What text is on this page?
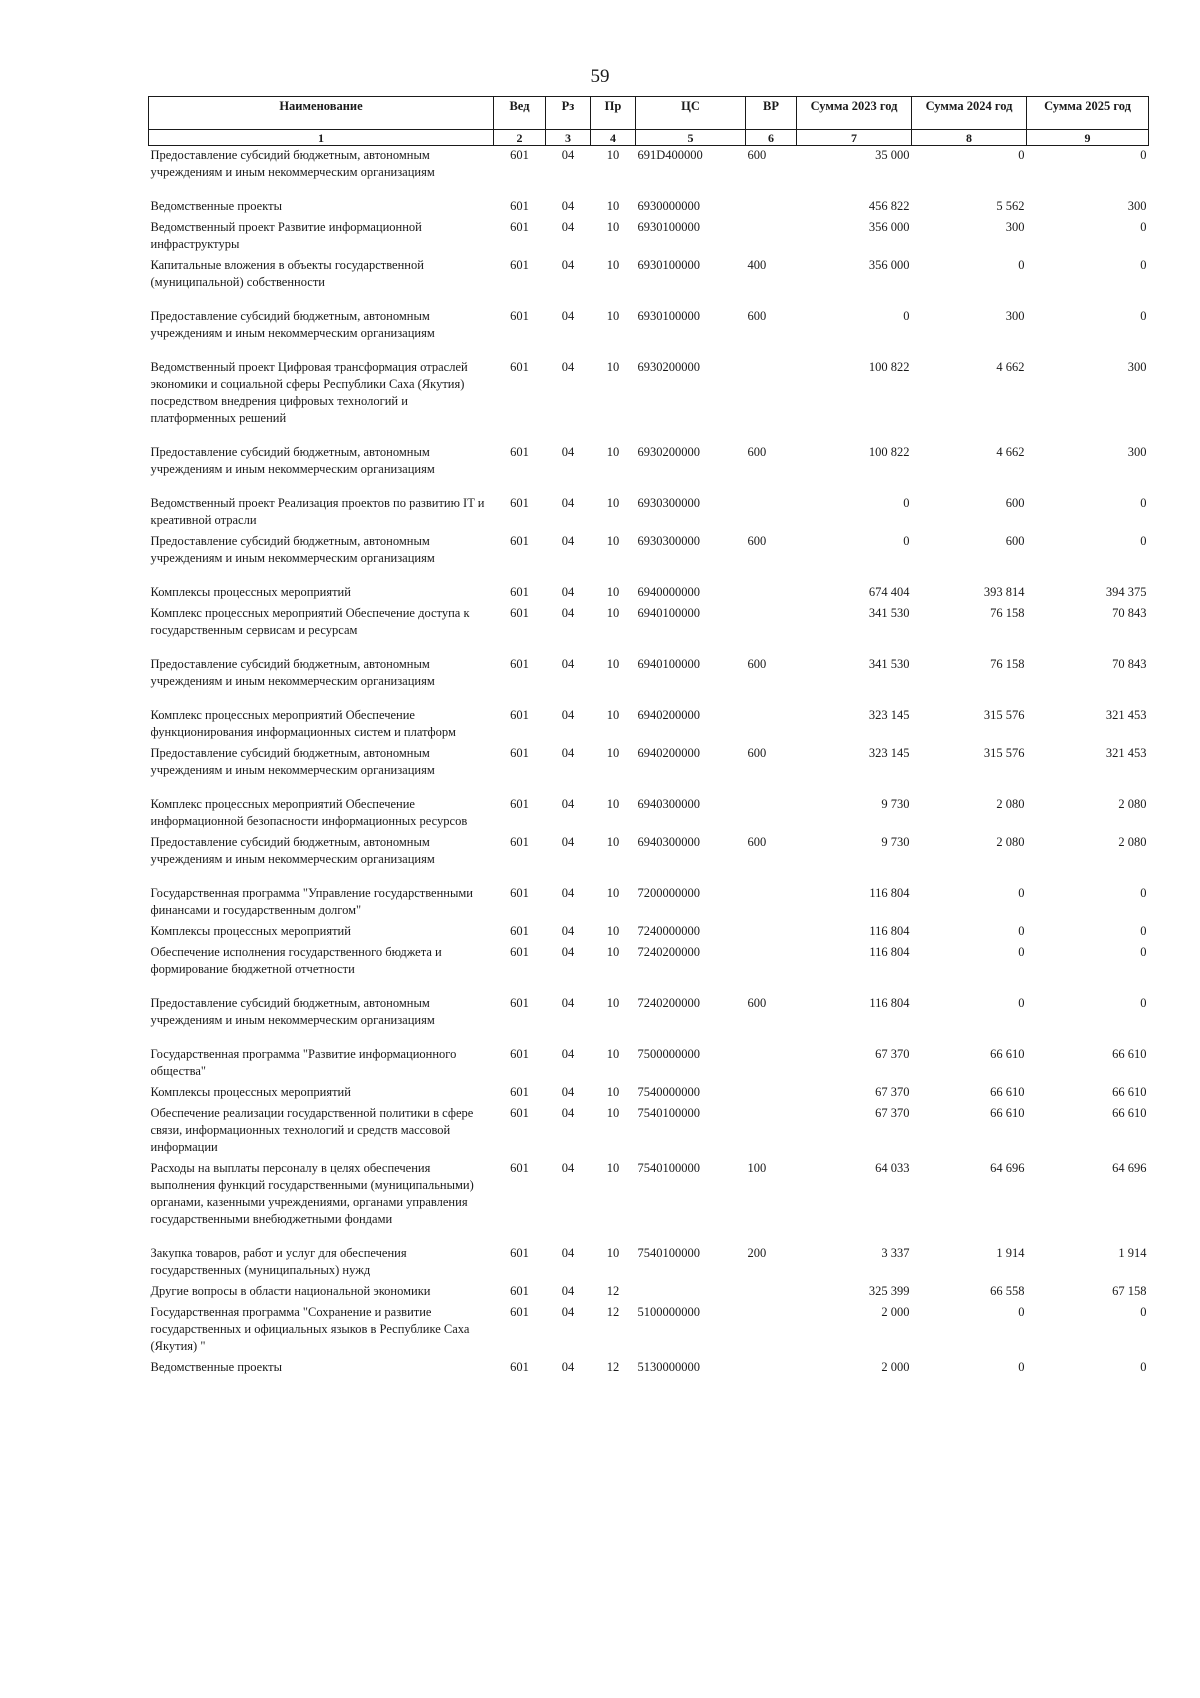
59
Наименование	Вед	Рз	Пр	ЦС	ВР	Сумма 2023 год	Сумма 2024 год	Сумма 2025 год
1	2	3	4	5	6	7	8	9
Предоставление субсидий бюджетным, автономным учреждениям и иным некоммерческим организациям	601	04	10	691D400000	600	35 000	0	0
Ведомственные проекты	601	04	10	6930000000		456 822	5 562	300
Ведомственный проект Развитие информационной инфраструктуры	601	04	10	6930100000		356 000	300	0
Капитальные вложения в объекты государственной (муниципальной) собственности	601	04	10	6930100000	400	356 000	0	0
Предоставление субсидий бюджетным, автономным учреждениям и иным некоммерческим организациям	601	04	10	6930100000	600	0	300	0
Ведомственный проект Цифровая трансформация отраслей экономики и социальной сферы Республики Саха (Якутия) посредством внедрения цифровых технологий и платформенных решений	601	04	10	6930200000		100 822	4 662	300
Предоставление субсидий бюджетным, автономным учреждениям и иным некоммерческим организациям	601	04	10	6930200000	600	100 822	4 662	300
Ведомственный проект Реализация проектов по развитию IT и креативной отрасли	601	04	10	6930300000		0	600	0
Предоставление субсидий бюджетным, автономным учреждениям и иным некоммерческим организациям	601	04	10	6930300000	600	0	600	0
Комплексы процессных мероприятий	601	04	10	6940000000		674 404	393 814	394 375
Комплекс процессных мероприятий Обеспечение доступа к государственным сервисам и ресурсам	601	04	10	6940100000		341 530	76 158	70 843
Предоставление субсидий бюджетным, автономным учреждениям и иным некоммерческим организациям	601	04	10	6940100000	600	341 530	76 158	70 843
Комплекс процессных мероприятий Обеспечение функционирования информационных систем и платформ	601	04	10	6940200000		323 145	315 576	321 453
Предоставление субсидий бюджетным, автономным учреждениям и иным некоммерческим организациям	601	04	10	6940200000	600	323 145	315 576	321 453
Комплекс процессных мероприятий Обеспечение информационной безопасности информационных ресурсов	601	04	10	6940300000		9 730	2 080	2 080
Предоставление субсидий бюджетным, автономным учреждениям и иным некоммерческим организациям	601	04	10	6940300000	600	9 730	2 080	2 080
Государственная программа "Управление государственными финансами и государственным долгом"	601	04	10	7200000000		116 804	0	0
Комплексы процессных мероприятий	601	04	10	7240000000		116 804	0	0
Обеспечение исполнения государственного бюджета и формирование бюджетной отчетности	601	04	10	7240200000		116 804	0	0
Предоставление субсидий бюджетным, автономным учреждениям и иным некоммерческим организациям	601	04	10	7240200000	600	116 804	0	0
Государственная программа "Развитие информационного общества"	601	04	10	7500000000		67 370	66 610	66 610
Комплексы процессных мероприятий	601	04	10	7540000000		67 370	66 610	66 610
Обеспечение реализации государственной политики в сфере связи, информационных технологий и средств массовой информации	601	04	10	7540100000		67 370	66 610	66 610
Расходы на выплаты персоналу в целях обеспечения выполнения функций государственными (муниципальными) органами, казенными учреждениями, органами управления государственными внебюджетными фондами	601	04	10	7540100000	100	64 033	64 696	64 696
Закупка товаров, работ и услуг для обеспечения государственных (муниципальных) нужд	601	04	10	7540100000	200	3 337	1 914	1 914
Другие вопросы в области национальной экономики	601	04	12			325 399	66 558	67 158
Государственная программа "Сохранение и развитие государственных и официальных языков в Республике Саха (Якутия) "	601	04	12	5100000000		2 000	0	0
Ведомственные проекты	601	04	12	5130000000		2 000	0	0
